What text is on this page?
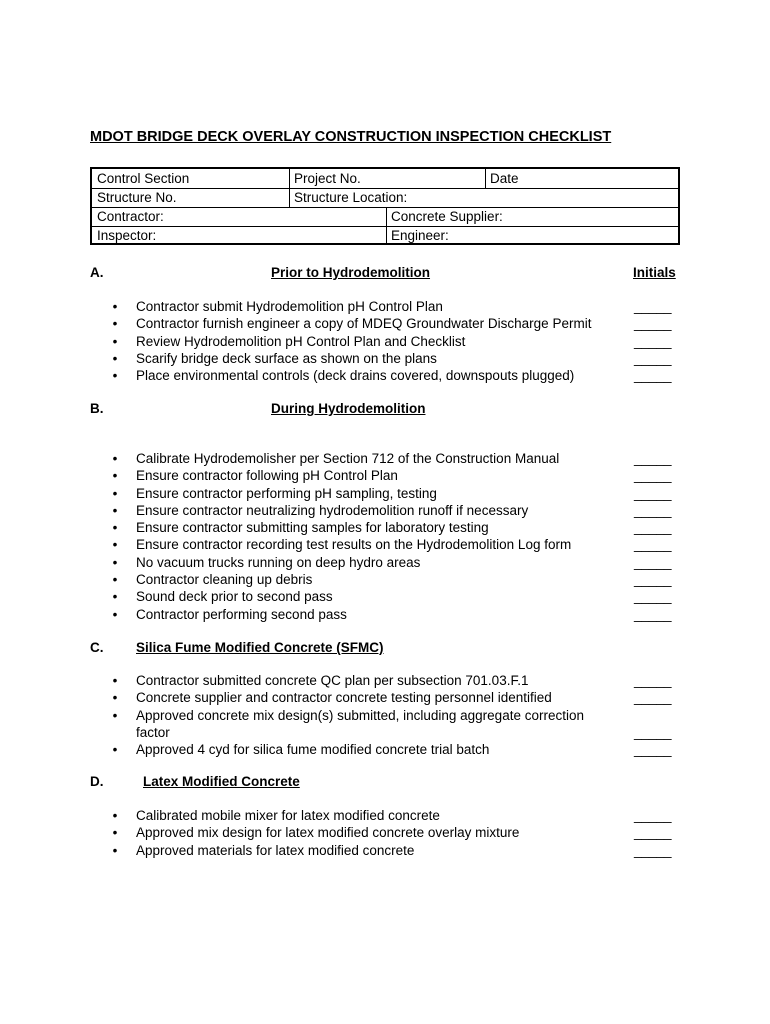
MDOT BRIDGE DECK OVERLAY CONSTRUCTION INSPECTION CHECKLIST
Control Section	Project No.	Date
Structure No.	Structure Location:
Contractor:	Concrete Supplier:
Inspector:	Engineer:
Initials
A.	Prior to Hydrodemolition
•	Contractor submit Hydrodemolition pH Control Plan	_____
•	Contractor furnish engineer a copy of MDEQ Groundwater Discharge Permit	_____
•	Review Hydrodemolition pH Control Plan and Checklist	_____
•	Scarify bridge deck surface as shown on the plans	_____
•	Place environmental controls (deck drains covered, downspouts plugged)	_____
B.	During Hydrodemolition
•	Calibrate Hydrodemolisher per Section 712 of the Construction Manual	_____
•	Ensure contractor following pH Control Plan	_____
•	Ensure contractor performing pH sampling, testing	_____
•	Ensure contractor neutralizing hydrodemolition runoff if necessary	_____
•	Ensure contractor submitting samples for laboratory testing	_____
•	Ensure contractor recording test results on the Hydrodemolition Log form	_____
•	No vacuum trucks running on deep hydro areas	_____
•	Contractor cleaning up debris	_____
•	Sound deck prior to second pass	_____
•	Contractor performing second pass	_____
C. Silica Fume Modified Concrete (SFMC)
•	Contractor submitted concrete QC plan per subsection 701.03.F.1	_____
•	Concrete supplier and contractor concrete testing personnel identified	_____
•	Approved concrete mix design(s) submitted, including aggregate correction factor	_____
•	Approved 4 cyd for silica fume modified concrete trial batch	_____
D.	Latex Modified Concrete
•	Calibrated mobile mixer for latex modified concrete	_____
•	Approved mix design for latex modified concrete overlay mixture	_____
•	Approved materials for latex modified concrete	_____
